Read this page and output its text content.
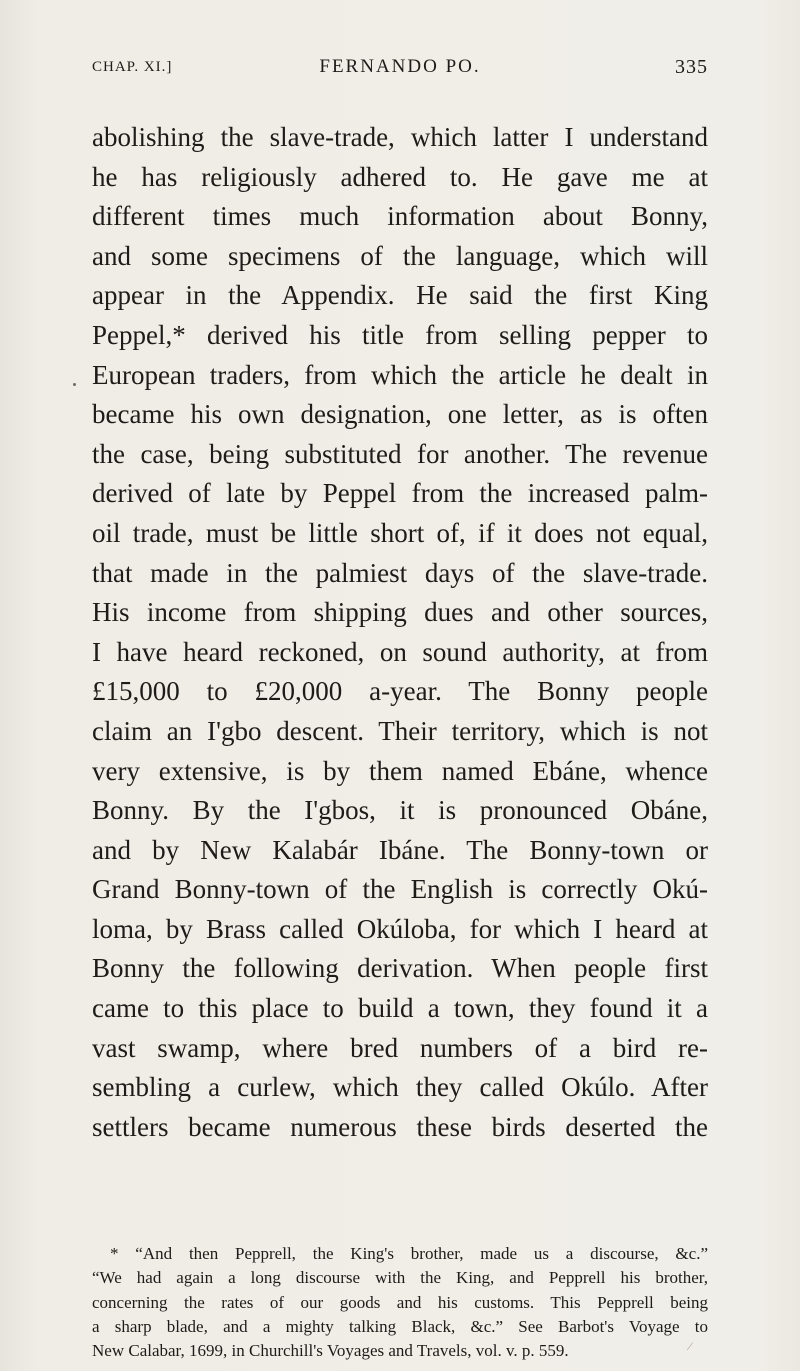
CHAP. XI.]	FERNANDO PO.	335
abolishing the slave-trade, which latter I understand
he has religiously adhered to. He gave me at
different times much information about Bonny,
and some specimens of the language, which will
appear in the Appendix. He said the first King
Peppel,* derived his title from selling pepper to
European traders, from which the article he dealt in
became his own designation, one letter, as is often
the case, being substituted for another. The revenue
derived of late by Peppel from the increased palm-
oil trade, must be little short of, if it does not equal,
that made in the palmiest days of the slave-trade.
His income from shipping dues and other sources,
I have heard reckoned, on sound authority, at from
£15,000 to £20,000 a-year. The Bonny people
claim an I'gbo descent. Their territory, which is not
very extensive, is by them named Ebáne, whence
Bonny. By the I'gbos, it is pronounced Obáne,
and by New Kalabár Ibáne. The Bonny-town or
Grand Bonny-town of the English is correctly Okú-
loma, by Brass called Okúloba, for which I heard at
Bonny the following derivation. When people first
came to this place to build a town, they found it a
vast swamp, where bred numbers of a bird re-
sembling a curlew, which they called Okúlo. After
settlers became numerous these birds deserted the
* “And then Pepprell, the King's brother, made us a discourse, &c.”
“We had again a long discourse with the King, and Pepprell his brother,
concerning the rates of our goods and his customs. This Pepprell being
a sharp blade, and a mighty talking Black, &c.” See Barbot's Voyage to
New Calabar, 1699, in Churchill's Voyages and Travels, vol. v. p. 559.	⁄
